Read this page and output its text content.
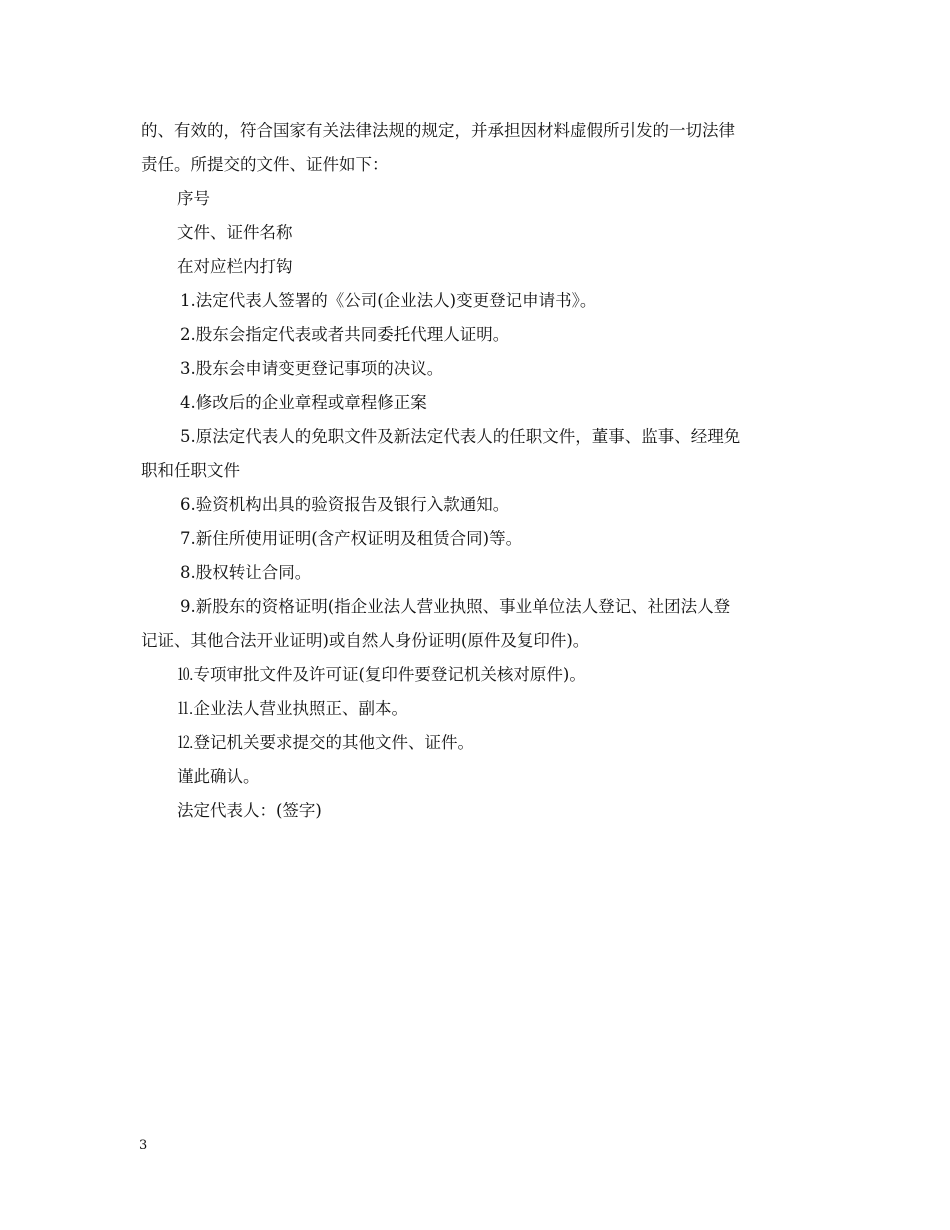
的、有效的，符合国家有关法律法规的规定，并承担因材料虚假所引发的一切法律

责任。所提交的文件、证件如下：

序号

文件、证件名称

在对应栏内打钩

1.法定代表人签署的《公司(企业法人)变更登记申请书》。

2.股东会指定代表或者共同委托代理人证明。

3.股东会申请变更登记事项的决议。

4.修改后的企业章程或章程修正案

5.原法定代表人的免职文件及新法定代表人的任职文件，董事、监事、经理免

职和任职文件

6.验资机构出具的验资报告及银行入款通知。

7.新住所使用证明(含产权证明及租赁合同)等。

8.股权转让合同。

9.新股东的资格证明(指企业法人营业执照、事业单位法人登记、社团法人登

记证、其他合法开业证明)或自然人身份证明(原件及复印件)。

⒑专项审批文件及许可证(复印件要登记机关核对原件)。

⒒企业法人营业执照正、副本。

⒓登记机关要求提交的其他文件、证件。

谨此确认。

法定代表人：(签字)

3
